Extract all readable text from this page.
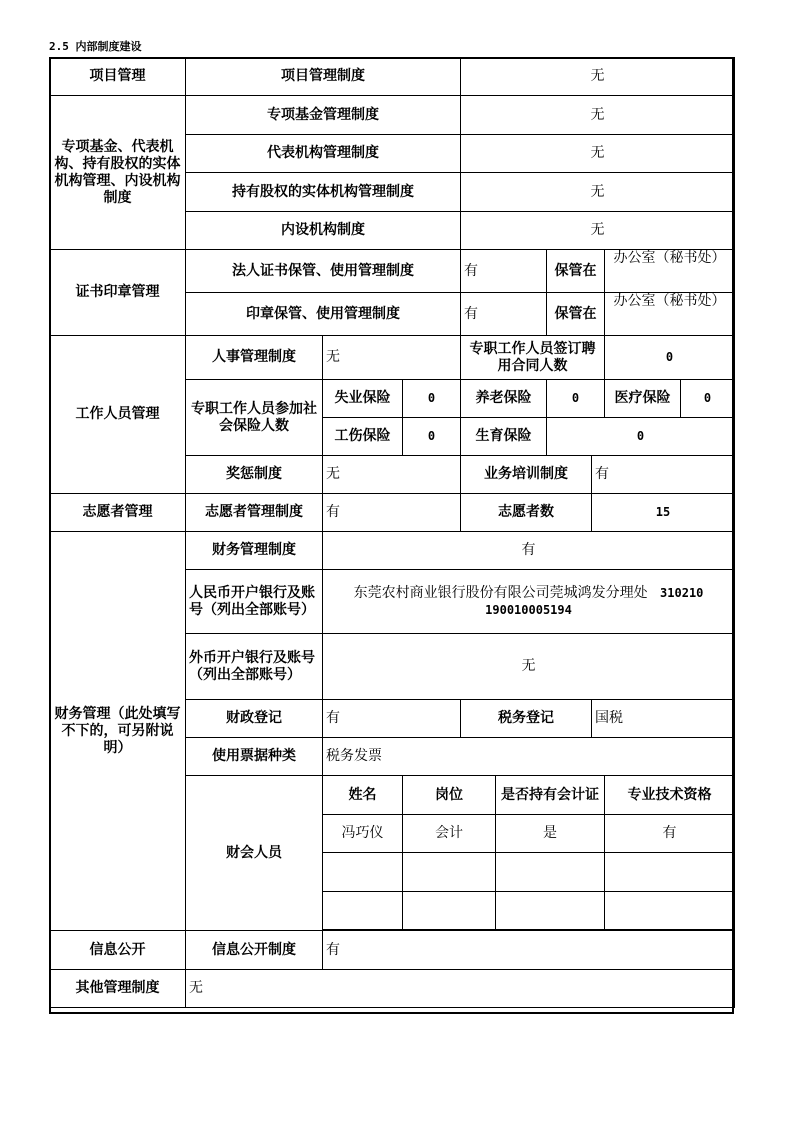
2.5 内部制度建设
项目管理	项目管理制度			无					
专项基金、代表机构、持有股权的实体机构管理、内设机构制度	专项基金管理制度			无					
	代表机构管理制度			无					
	持有股权的实体机构管理制度			无					
	内设机构制度			无					
证书印章管理	法人证书保管、使用管理制度			有		保管在		办公室（秘书处）	
	印章保管、使用管理制度			有		保管在		办公室（秘书处）	
工作人员管理	人事管理制度	无		专职工作人员签订聘用合同人数				0	
	专职工作人员参加社会保险人数	失业保险	0	养老保险		0		医疗保险	0
		工伤保险	0	生育保险		0			
	奖惩制度	无		业务培训制度			有		
志愿者管理	志愿者管理制度	有		志愿者数			15		
财务管理（此处填写不下的，可另附说明）	财务管理制度	有							
	人民币开户银行及账号（列出全部账号）	东莞农村商业银行股份有限公司莞城鸿发分理处 310210
190010005194							
	外币开户银行及账号（列出全部账号）	无							
	财政登记	有		税务登记			国税		
	使用票据种类	税务发票							
	财会人员	姓名	岗位		是否持有会计证			专业技术资格	
		冯巧仪	会计		是			有	

信息公开	信息公开制度	有							
其他管理制度	无								
